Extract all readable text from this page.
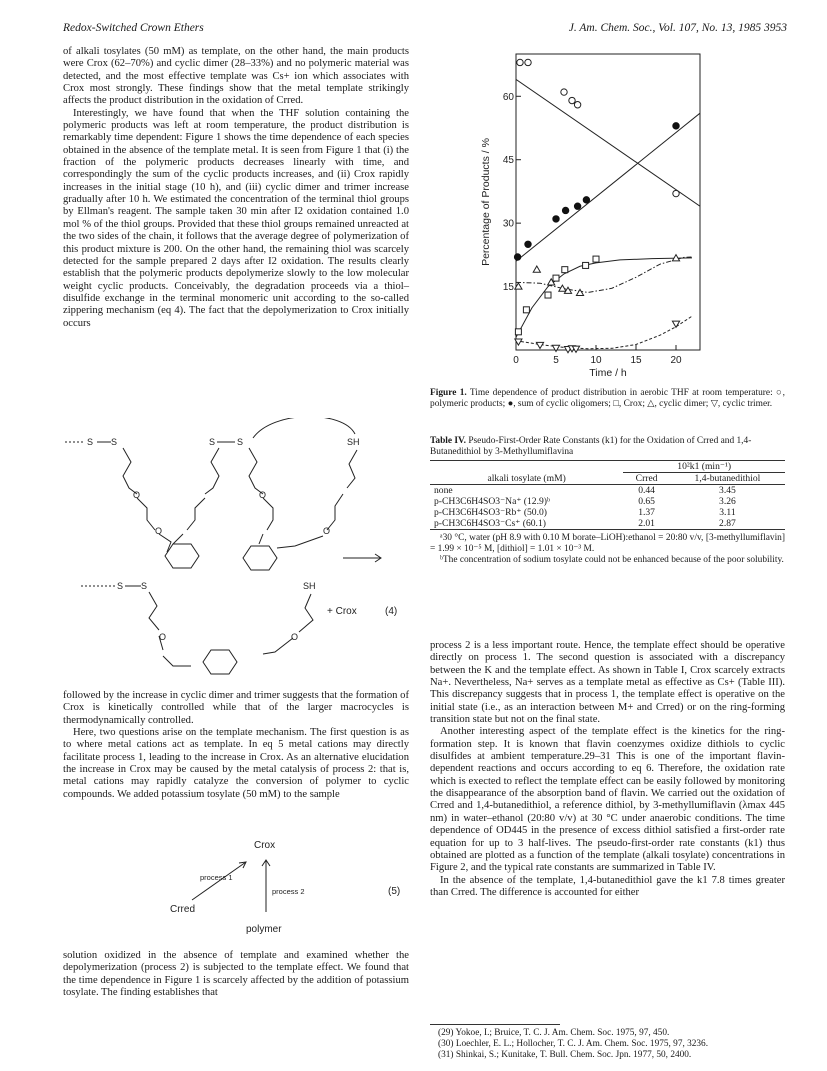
Redox-Switched Crown Ethers	J. Am. Chem. Soc., Vol. 107, No. 13, 1985 3953

of alkali tosylates (50 mM) as template, on the other hand, the main products were Crox (62–70%) and cyclic dimer (28–33%) and no polymeric material was detected, and the most effective template was Cs+ ion which associates with Crox most strongly. These findings show that the metal template strikingly affects the product distribution in the oxidation of Crred.

Interestingly, we have found that when the THF solution containing the polymeric products was left at room temperature, the product distribution is remarkably time dependent: Figure 1 shows the time dependence of each species obtained in the absence of the template metal. It is seen from Figure 1 that (i) the fraction of the polymeric products decreases linearly with time, and correspondingly the sum of the cyclic products increases, and (ii) Crox rapidly increases in the initial stage (10 h), and (iii) cyclic dimer and trimer increase gradually after 10 h. We estimated the concentration of the terminal thiol groups by Ellman's reagent. The sample taken 30 min after I2 oxidation contained 1.0 mol % of the thiol groups. Provided that these thiol groups remained unreacted at the two sides of the chain, it follows that the average degree of polymerization of this product mixture is 200. On the other hand, the remaining thiol was scarcely detected for the sample prepared 2 days after I2 oxidation. The results clearly establish that the polymeric products depolymerize slowly to the low molecular weight cyclic products. Conceivably, the degradation proceeds via a thiol–disulfide exchange in the terminal monomeric unit according to the so-called zippering mechanism (eq 4). The fact that the depolymerization to Crox initially occurs

S S	S S	SH
S S	SH
O
O
O
O
O	O
+ Crox	(4)

followed by the increase in cyclic dimer and trimer suggests that the formation of Crox is kinetically controlled while that of the larger macrocycles is thermodynamically controlled.

Here, two questions arise on the template mechanism. The first question is as to where metal cations act as template. In eq 5 metal cations may directly facilitate process 1, leading to the increase in Crox. As an alternative elucidation the increase in Crox may be caused by the metal catalysis of process 2: that is, metal cations may rapidly catalyze the conversion of polymer to cyclic compounds. We added potassium tosylate (50 mM) to the sample

Crox
Crred
polymer
process 1
process 2	(5)

solution oxidized in the absence of template and examined whether the depolymerization (process 2) is subjected to the template effect. We found that the time dependence in Figure 1 is scarcely affected by the addition of potassium tosylate. The finding establishes that

0	5	10	15	20
15
30
45
60
Percentage of Products / %
Time / h
Figure 1. Time dependence of product distribution in aerobic THF at room temperature: ○, polymeric products; ●, sum of cyclic oligomers; □, Crox; △, cyclic dimer; ▽, cyclic trimer.
Table IV. Pseudo-First-Order Rate Constants (k1) for the Oxidation of Crred and 1,4-Butanedithiol by 3-Methyllumiflavina
	10²k1 (min⁻¹)	
alkali tosylate (mM)	Crred	1,4-butanedithiol

none	0.44	3.45
p-CH3C6H4SO3⁻Na⁺ (12.9)ᵇ	0.65	3.26
p-CH3C6H4SO3⁻Rb⁺ (50.0)	1.37	3.11
p-CH3C6H4SO3⁻Cs⁺ (60.1)	2.01	2.87
ᵃ30 °C, water (pH 8.9 with 0.10 M borate–LiOH):ethanol = 20:80 v/v, [3-methyllumiflavin] = 1.99 × 10⁻⁵ M, [dithiol] = 1.01 × 10⁻³ M.
ᵇThe concentration of sodium tosylate could not be enhanced because of the poor solubility.

process 2 is a less important route. Hence, the template effect should be operative directly on process 1. The second question is associated with a discrepancy between the K and the template effect. As shown in Table I, Crox scarcely extracts Na+. Nevertheless, Na+ serves as a template metal as effective as Cs+ (Table III). This discrepancy suggests that in process 1, the template effect is operative on the initial state (i.e., as an interaction between M+ and Crred) or on the ring-forming transition state but not on the final state.

Another interesting aspect of the template effect is the kinetics for the ring-formation step. It is known that flavin coenzymes oxidize dithiols to cyclic disulfides at ambient temperature.29–31 This is one of the important flavin-dependent reactions and occurs according to eq 6. Therefore, the oxidation rate which is exected to reflect the template effect can be easily followed by monitoring the disappearance of the absorption band of flavin. We carried out the oxidation of Crred and 1,4-butanedithiol, a reference dithiol, by 3-methyllumiflavin (λmax 445 nm) in water–ethanol (20:80 v/v) at 30 °C under anaerobic conditions. The time dependence of OD445 in the presence of excess dithiol satisfied a first-order rate equation for up to 3 half-lives. The pseudo-first-order rate constants (k1) thus obtained are plotted as a function of the template (alkali tosylate) concentrations in Figure 2, and the typical rate constants are summarized in Table IV.

In the absence of the template, 1,4-butanedithiol gave the k1 7.8 times greater than Crred. The difference is accounted for either

(29) Yokoe, I.; Bruice, T. C. J. Am. Chem. Soc. 1975, 97, 450.
(30) Loechler, E. L.; Hollocher, T. C. J. Am. Chem. Soc. 1975, 97, 3236.
(31) Shinkai, S.; Kunitake, T. Bull. Chem. Soc. Jpn. 1977, 50, 2400.
